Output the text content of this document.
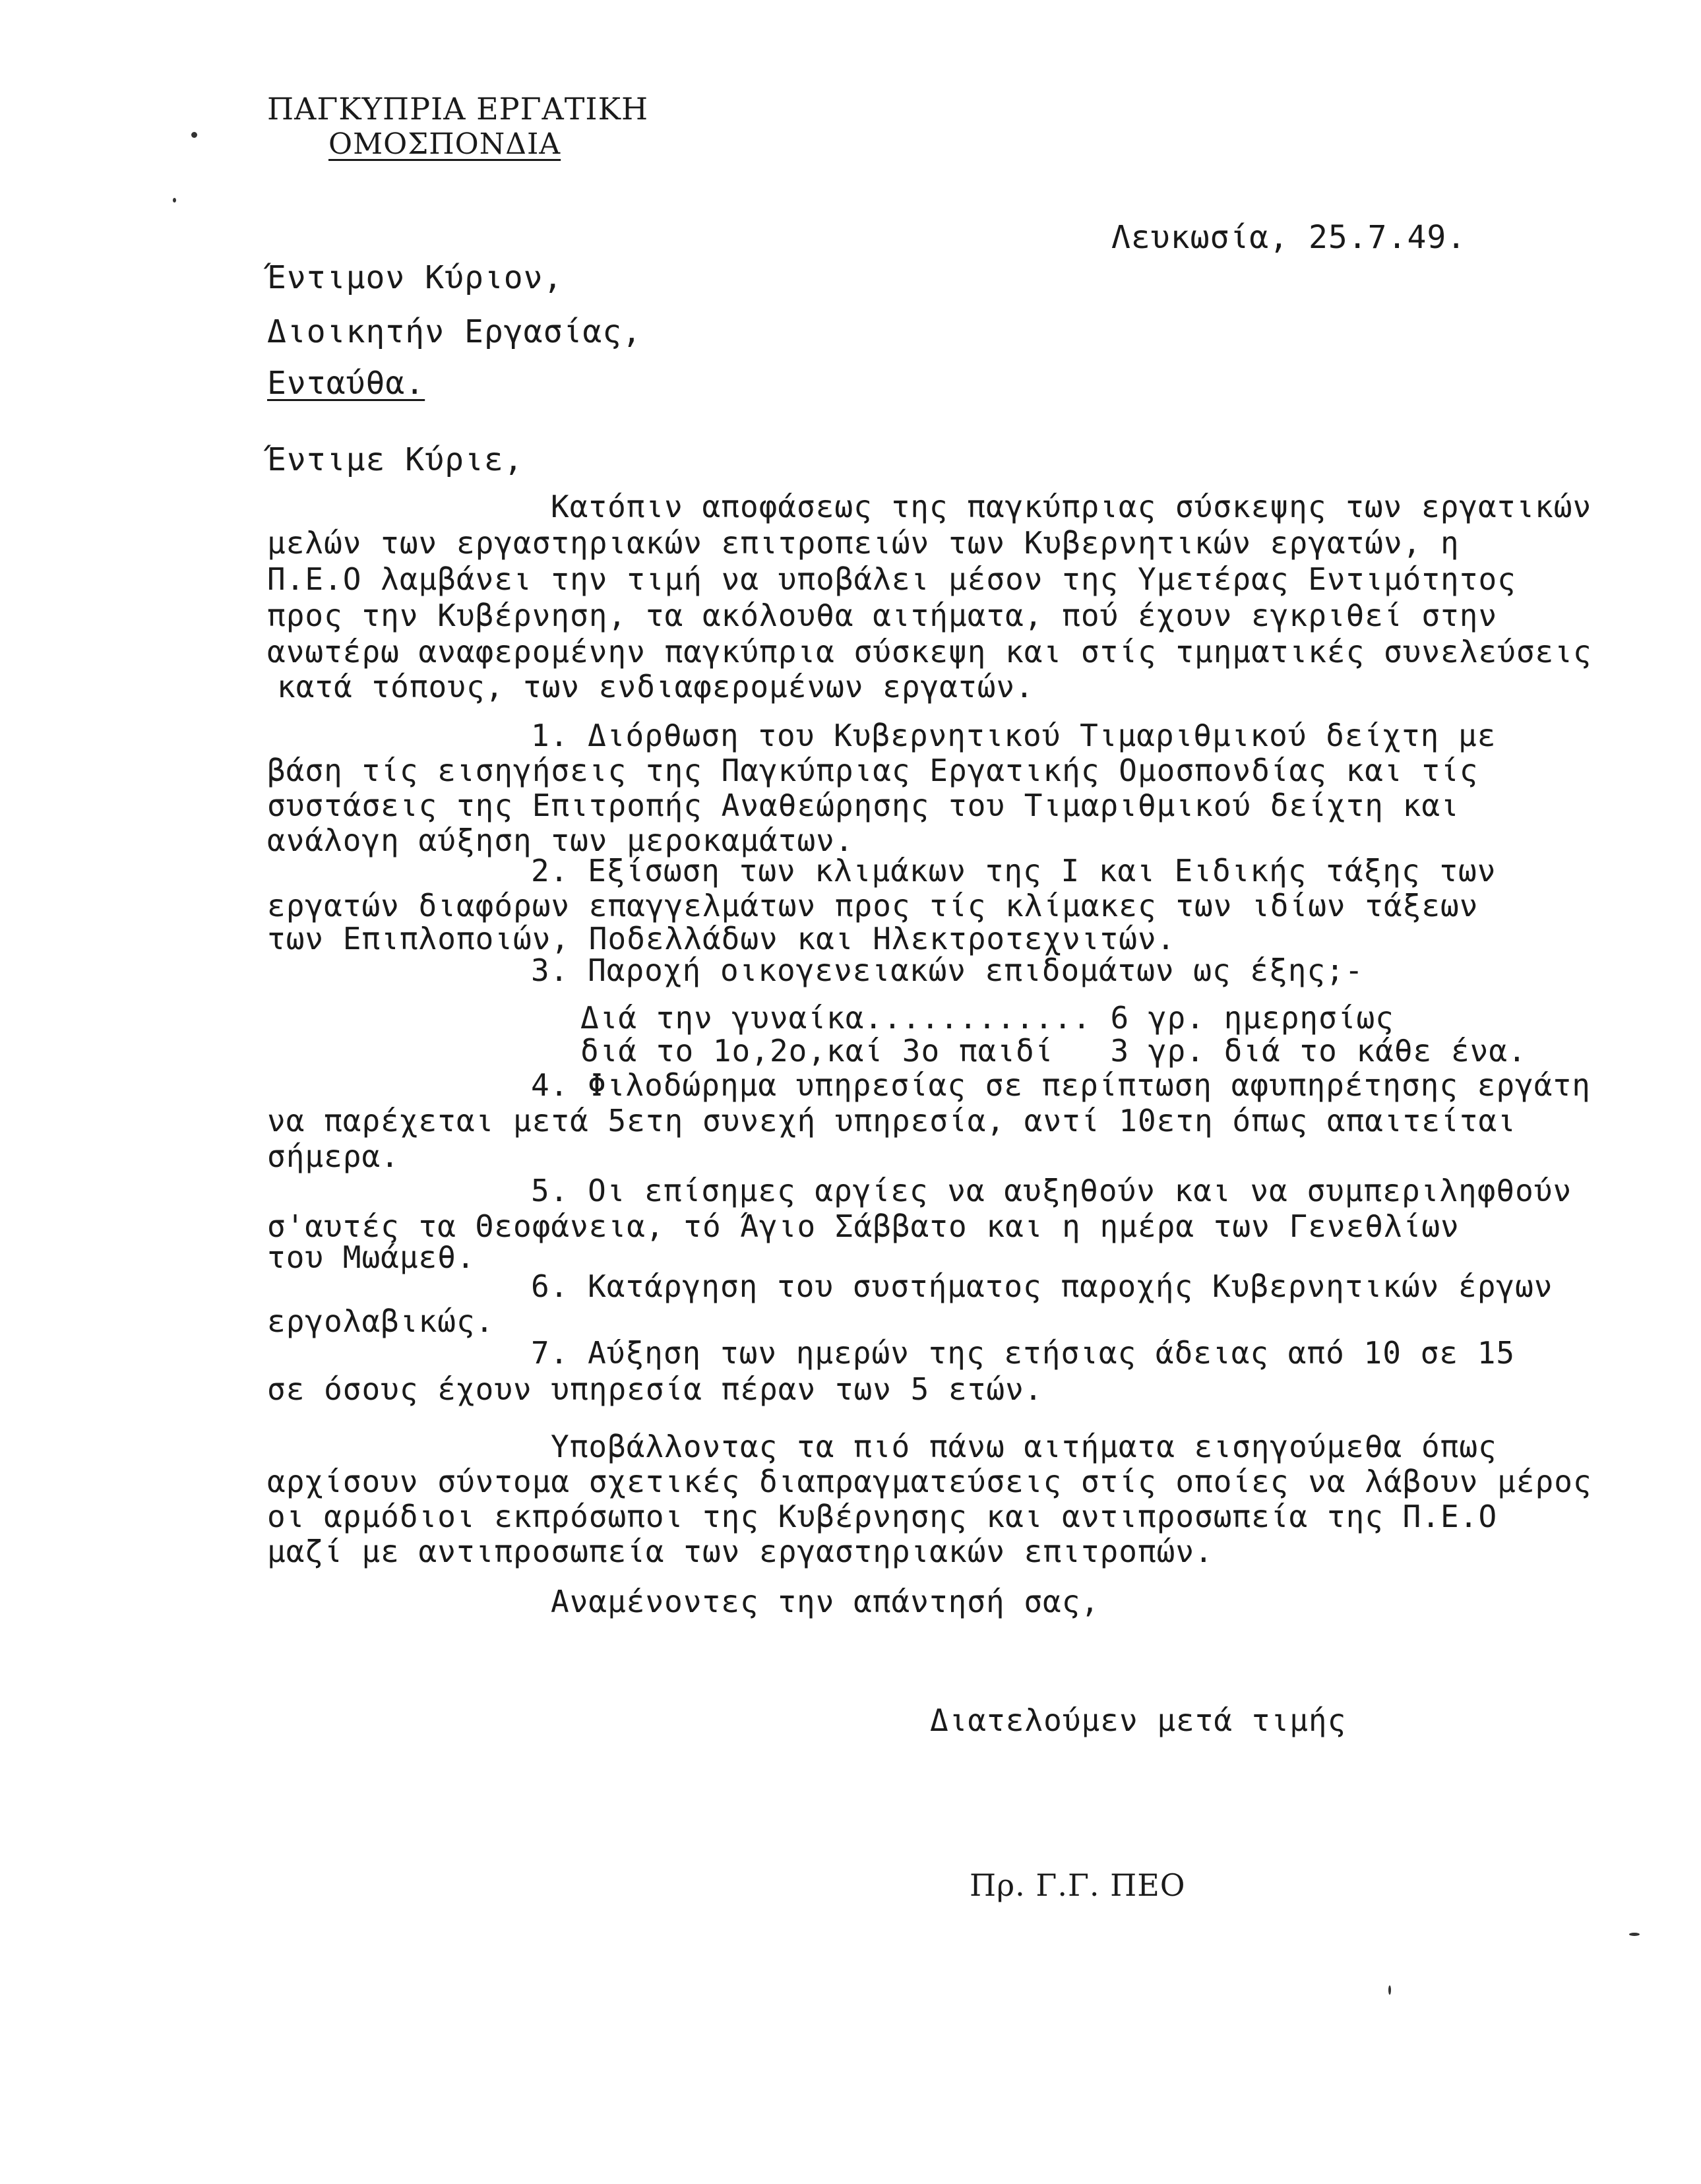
ΠΑΓΚΥΠΡΙΑ ΕΡΓΑΤΙΚΗ
ΟΜΟΣΠΟΝΔΙΑ
Λευκωσία, 25.7.49.
Έντιμον Κύριον,
Διοικητήν Εργασίας,
Ενταύθα.
Έντιμε Κύριε,
Κατόπιν αποφάσεως της παγκύπριας σύσκεψης των εργατικών
μελών των εργαστηριακών επιτροπειών των Κυβερνητικών εργατών, η
Π.Ε.Ο λαμβάνει την τιμή να υποβάλει μέσον της Υμετέρας Εντιμότητος
προς την Κυβέρνηση, τα ακόλουθα αιτήματα, πού έχουν εγκριθεί στην
ανωτέρω αναφερομένην παγκύπρια σύσκεψη και στίς τμηματικές συνελεύσεις
κατά τόπους, των ενδιαφερομένων εργατών.
1. Διόρθωση του Κυβερνητικού Τιμαριθμικού δείχτη με
βάση τίς εισηγήσεις της Παγκύπριας Εργατικής Ομοσπονδίας και τίς
συστάσεις της Επιτροπής Αναθεώρησης του Τιμαριθμικού δείχτη και
ανάλογη αύξηση των μεροκαμάτων.
2. Εξίσωση των κλιμάκων της Ι και Ειδικής τάξης των
εργατών διαφόρων επαγγελμάτων προς τίς κλίμακες των ιδίων τάξεων
των Επιπλοποιών, Ποδελλάδων και Ηλεκτροτεχνιτών.
3. Παροχή οικογενειακών επιδομάτων ως έξης;-
Διά την γυναίκα............ 6 γρ. ημερησίως
διά το 1ο,2ο,καί 3ο παιδί   3 γρ. διά το κάθε ένα.
4. Φιλοδώρημα υπηρεσίας σε περίπτωση αφυπηρέτησης εργάτη
να παρέχεται μετά 5ετη συνεχή υπηρεσία, αντί 10ετη όπως απαιτείται
σήμερα.
5. Οι επίσημες αργίες να αυξηθούν και να συμπεριληφθούν
σ'αυτές τα Θεοφάνεια, τό Άγιο Σάββατο και η ημέρα των Γενεθλίων
του Μωάμεθ.
6. Κατάργηση του συστήματος παροχής Κυβερνητικών έργων
εργολαβικώς.
7. Αύξηση των ημερών της ετήσιας άδειας από 10 σε 15
σε όσους έχουν υπηρεσία πέραν των 5 ετών.
Υποβάλλοντας τα πιό πάνω αιτήματα εισηγούμεθα όπως
αρχίσουν σύντομα σχετικές διαπραγματεύσεις στίς οποίες να λάβουν μέρος
οι αρμόδιοι εκπρόσωποι της Κυβέρνησης και αντιπροσωπεία της Π.Ε.Ο
μαζί με αντιπροσωπεία των εργαστηριακών επιτροπών.
Αναμένοντες την απάντησή σας,
Διατελούμεν μετά τιμής
Πρ. Γ.Γ. ΠΕΟ
